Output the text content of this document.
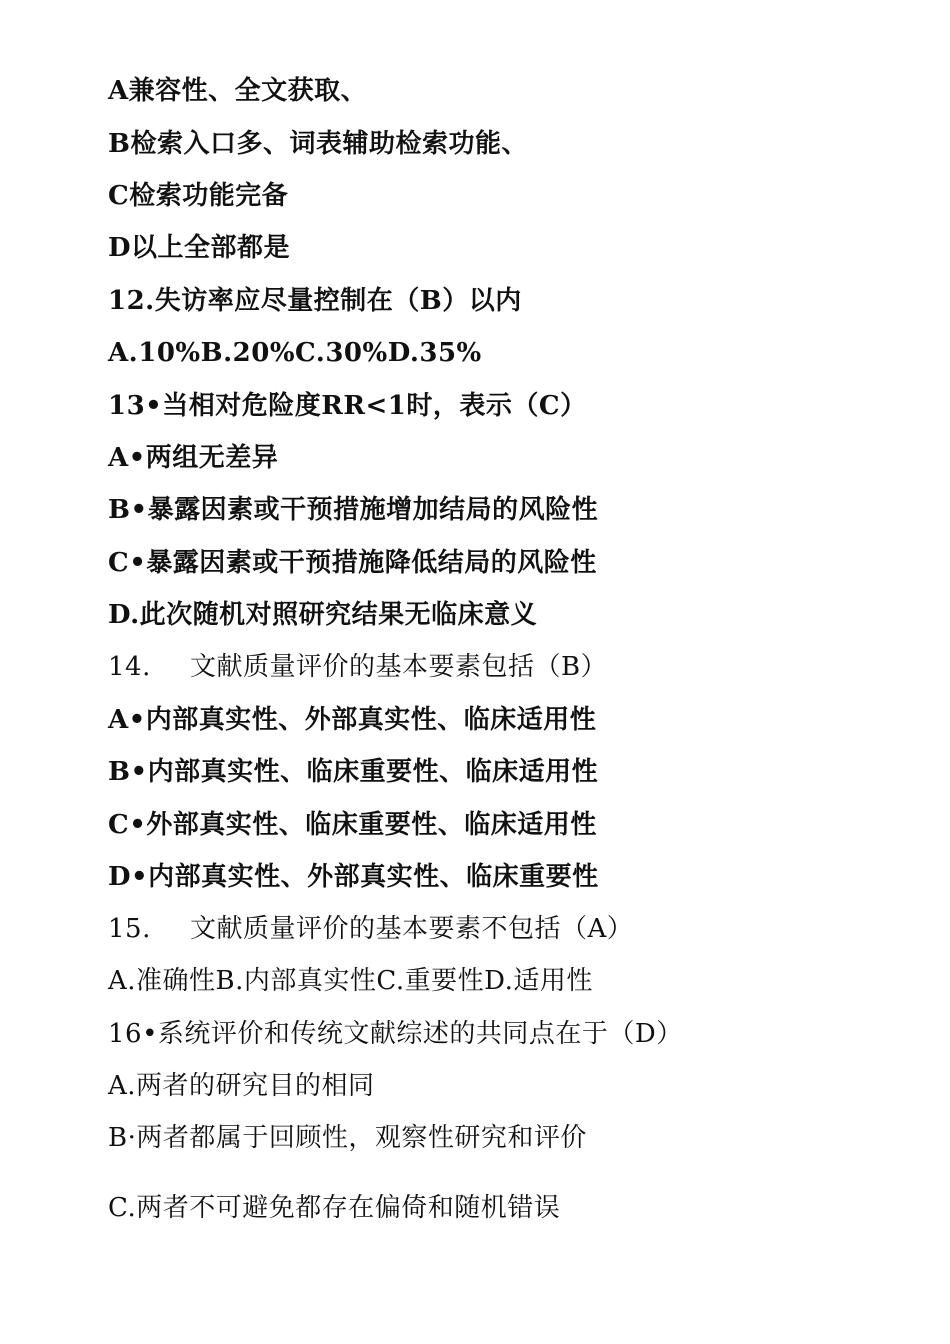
A兼容性、全文获取、
B检索入口多、词表辅助检索功能、
C检索功能完备
D以上全部都是
12.失访率应尽量控制在（B）以内
A.10%B.20%C.30%D.35%
13•当相对危险度RR<1时，表示（C）
A•两组无差异
B•暴露因素或干预措施增加结局的风险性
C•暴露因素或干预措施降低结局的风险性
D.此次随机对照研究结果无临床意义
14. 文献质量评价的基本要素包括（B）
A•内部真实性、外部真实性、临床适用性
B•内部真实性、临床重要性、临床适用性
C•外部真实性、临床重要性、临床适用性
D•内部真实性、外部真实性、临床重要性
15. 文献质量评价的基本要素不包括（A）
A.准确性B.内部真实性C.重要性D.适用性
16•系统评价和传统文献综述的共同点在于（D）
A.两者的研究目的相同
B·两者都属于回顾性，观察性研究和评价
C.两者不可避免都存在偏倚和随机错误
